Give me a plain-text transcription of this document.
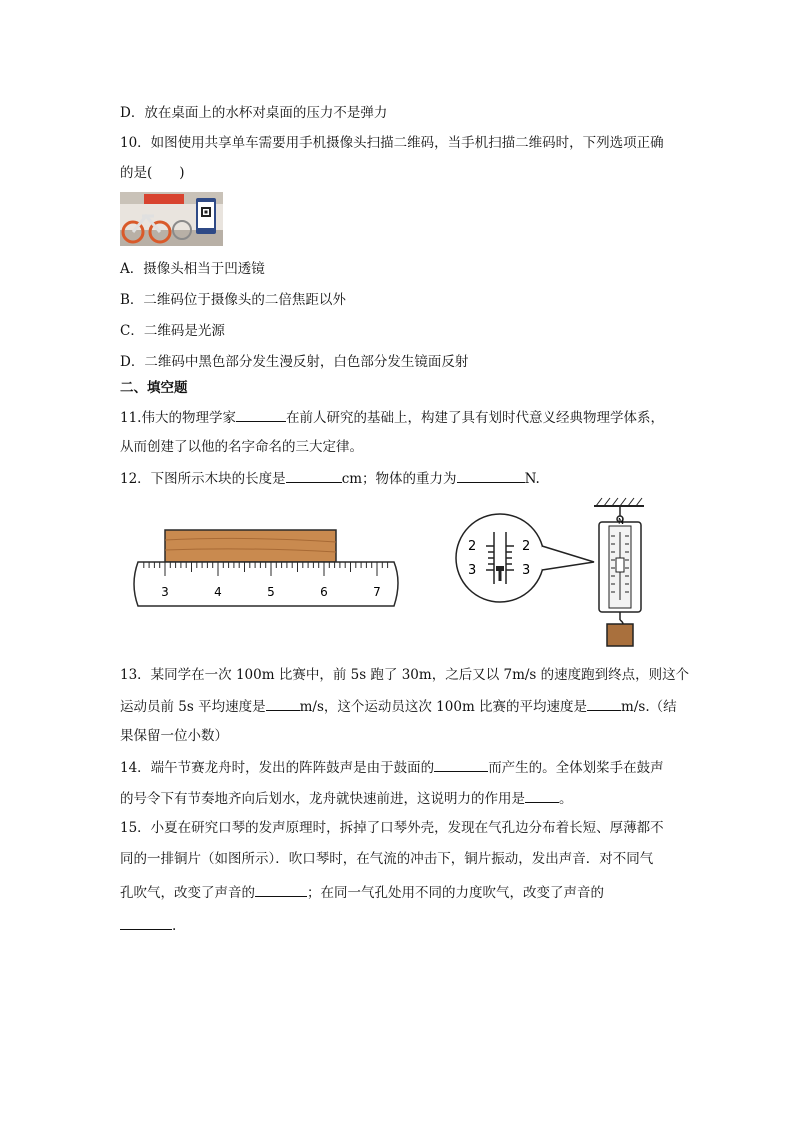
D．放在桌面上的水杯对桌面的压力不是弹力
10．如图使用共享单车需要用手机摄像头扫描二维码，当手机扫描二维码时，下列选项正确
的是(　　)
A．摄像头相当于凹透镜
B．二维码位于摄像头的二倍焦距以外
C．二维码是光源
D．二维码中黑色部分发生漫反射，白色部分发生镜面反射
二、填空题
11.伟大的物理学家	在前人研究的基础上，构建了具有划时代意义经典物理学体系，
从而创建了以他的名字命名的三大定律。
12．下图所示木块的长度是	cm；物体的重力为	N.
3	4	5	6	7
N
2
3
2
3
13．某同学在一次 100m 比赛中，前 5s 跑了 30m，之后又以 7m/s 的速度跑到终点，则这个
运动员前 5s 平均速度是	m/s，这个运动员这次 100m 比赛的平均速度是	m/s.（结
果保留一位小数）
14．端午节赛龙舟时，发出的阵阵鼓声是由于鼓面的	而产生的。全体划桨手在鼓声
的号令下有节奏地齐向后划水，龙舟就快速前进，这说明力的作用是	。
15．小夏在研究口琴的发声原理时，拆掉了口琴外壳，发现在气孔边分布着长短、厚薄都不
同的一排铜片（如图所示）．吹口琴时，在气流的冲击下，铜片振动，发出声音．对不同气
孔吹气，改变了声音的	；在同一气孔处用不同的力度吹气，改变了声音的
.
